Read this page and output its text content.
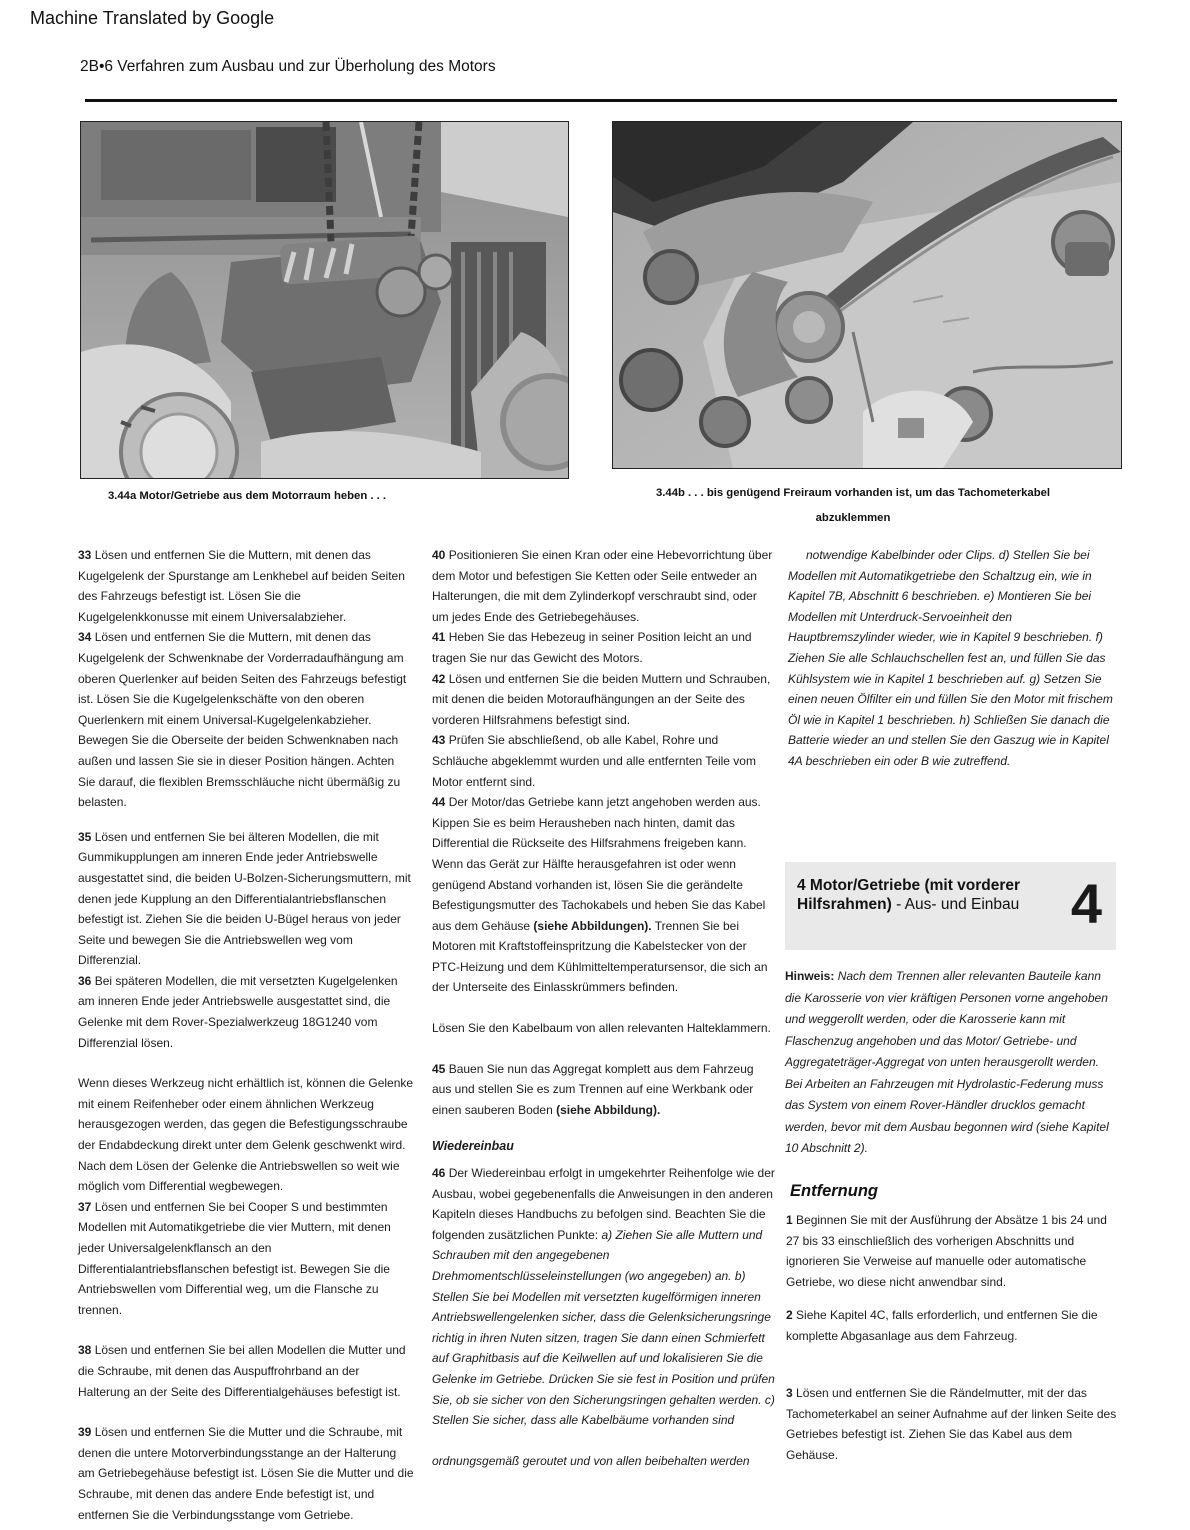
Machine Translated by Google
2B•6 Verfahren zum Ausbau und zur Überholung des Motors
3.44a Motor/Getriebe aus dem Motorraum heben . . .	3.44b . . . bis genügend Freiraum vorhanden ist, um das Tachometerkabel
abzuklemmen

33 Lösen und entfernen Sie die Muttern, mit denen das Kugelgelenk der Spurstange am Lenkhebel auf beiden Seiten des Fahrzeugs befestigt ist. Lösen Sie die Kugelgelenkkonusse mit einem Universalabzieher.

34 Lösen und entfernen Sie die Muttern, mit denen das Kugelgelenk der Schwenknabe der Vorderradaufhängung am oberen Querlenker auf beiden Seiten des Fahrzeugs befestigt ist. Lösen Sie die Kugelgelenkschäfte von den oberen Querlenkern mit einem Universal-Kugelgelenkabzieher. Bewegen Sie die Oberseite der beiden Schwenknaben nach außen und lassen Sie sie in dieser Position hängen. Achten Sie darauf, die flexiblen Bremsschläuche nicht übermäßig zu belasten.

35 Lösen und entfernen Sie bei älteren Modellen, die mit Gummikupplungen am inneren Ende jeder Antriebswelle ausgestattet sind, die beiden U-Bolzen-Sicherungsmuttern, mit denen jede Kupplung an den Differentialantriebsflanschen befestigt ist. Ziehen Sie die beiden U-Bügel heraus von jeder Seite und bewegen Sie die Antriebswellen weg vom Differenzial.

36 Bei späteren Modellen, die mit versetzten Kugelgelenken am inneren Ende jeder Antriebswelle ausgestattet sind, die Gelenke mit dem Rover-Spezialwerkzeug 18G1240 vom Differenzial lösen.

Wenn dieses Werkzeug nicht erhältlich ist, können die Gelenke mit einem Reifenheber oder einem ähnlichen Werkzeug herausgezogen werden, das gegen die Befestigungsschraube der Endabdeckung direkt unter dem Gelenk geschwenkt wird. Nach dem Lösen der Gelenke die Antriebswellen so weit wie möglich vom Differential wegbewegen.

37 Lösen und entfernen Sie bei Cooper S und bestimmten Modellen mit Automatikgetriebe die vier Muttern, mit denen jeder Universalgelenkflansch an den Differentialantriebsflanschen befestigt ist. Bewegen Sie die Antriebswellen vom Differential weg, um die Flansche zu trennen.

38 Lösen und entfernen Sie bei allen Modellen die Mutter und die Schraube, mit denen das Auspuffrohrband an der Halterung an der Seite des Differentialgehäuses befestigt ist.

39 Lösen und entfernen Sie die Mutter und die Schraube, mit denen die untere Motorverbindungsstange an der Halterung am Getriebegehäuse befestigt ist. Lösen Sie die Mutter und die Schraube, mit denen das andere Ende befestigt ist, und entfernen Sie die Verbindungsstange vom Getriebe.

40 Positionieren Sie einen Kran oder eine Hebevorrichtung über dem Motor und befestigen Sie Ketten oder Seile entweder an Halterungen, die mit dem Zylinderkopf verschraubt sind, oder um jedes Ende des Getriebegehäuses.

41 Heben Sie das Hebezeug in seiner Position leicht an und tragen Sie nur das Gewicht des Motors.

42 Lösen und entfernen Sie die beiden Muttern und Schrauben, mit denen die beiden Motoraufhängungen an der Seite des vorderen Hilfsrahmens befestigt sind.

43 Prüfen Sie abschließend, ob alle Kabel, Rohre und Schläuche abgeklemmt wurden und alle entfernten Teile vom Motor entfernt sind.

44 Der Motor/das Getriebe kann jetzt angehoben werden aus. Kippen Sie es beim Herausheben nach hinten, damit das Differential die Rückseite des Hilfsrahmens freigeben kann. Wenn das Gerät zur Hälfte herausgefahren ist oder wenn genügend Abstand vorhanden ist, lösen Sie die gerändelte Befestigungsmutter des Tachokabels und heben Sie das Kabel aus dem Gehäuse (siehe Abbildungen). Trennen Sie bei Motoren mit Kraftstoffeinspritzung die Kabelstecker von der PTC-Heizung und dem Kühlmitteltemperatursensor, die sich an der Unterseite des Einlasskrümmers befinden.

Lösen Sie den Kabelbaum von allen relevanten Halteklammern.

45 Bauen Sie nun das Aggregat komplett aus dem Fahrzeug aus und stellen Sie es zum Trennen auf eine Werkbank oder einen sauberen Boden (siehe Abbildung).

Wiedereinbau

46 Der Wiedereinbau erfolgt in umgekehrter Reihenfolge wie der Ausbau, wobei gegebenenfalls die Anweisungen in den anderen Kapiteln dieses Handbuchs zu befolgen sind. Beachten Sie die folgenden zusätzlichen Punkte: a) Ziehen Sie alle Muttern und Schrauben mit den angegebenen Drehmomentschlüsseleinstellungen (wo angegeben) an. b) Stellen Sie bei Modellen mit versetzten kugelförmigen inneren Antriebswellengelenken sicher, dass die Gelenksicherungsringe richtig in ihren Nuten sitzen, tragen Sie dann einen Schmierfett auf Graphitbasis auf die Keilwellen auf und lokalisieren Sie die Gelenke im Getriebe. Drücken Sie sie fest in Position und prüfen Sie, ob sie sicher von den Sicherungsringen gehalten werden. c) Stellen Sie sicher, dass alle Kabelbäume vorhanden sind

ordnungsgemäß geroutet und von allen beibehalten werden

notwendige Kabelbinder oder Clips. d) Stellen Sie bei Modellen mit Automatikgetriebe den Schaltzug ein, wie in Kapitel 7B, Abschnitt 6 beschrieben. e) Montieren Sie bei Modellen mit Unterdruck-Servoeinheit den Hauptbremszylinder wieder, wie in Kapitel 9 beschrieben. f) Ziehen Sie alle Schlauchschellen fest an, und füllen Sie das Kühlsystem wie in Kapitel 1 beschrieben auf. g) Setzen Sie einen neuen Ölfilter ein und füllen Sie den Motor mit frischem Öl wie in Kapitel 1 beschrieben. h) Schließen Sie danach die Batterie wieder an und stellen Sie den Gaszug wie in Kapitel 4A beschrieben ein oder B wie zutreffend.

4 Motor/Getriebe (mit vorderer Hilfsrahmen) - Aus- und Einbau 4
Hinweis: Nach dem Trennen aller relevanten Bauteile kann die Karosserie von vier kräftigen Personen vorne angehoben und weggerollt werden, oder die Karosserie kann mit Flaschenzug angehoben und das Motor/ Getriebe- und Aggregateträger-Aggregat von unten herausgerollt werden. Bei Arbeiten an Fahrzeugen mit Hydrolastic-Federung muss das System von einem Rover-Händler drucklos gemacht werden, bevor mit dem Ausbau begonnen wird (siehe Kapitel 10 Abschnitt 2).
Entfernung
1 Beginnen Sie mit der Ausführung der Absätze 1 bis 24 und 27 bis 33 einschließlich des vorherigen Abschnitts und ignorieren Sie Verweise auf manuelle oder automatische Getriebe, wo diese nicht anwendbar sind.
2 Siehe Kapitel 4C, falls erforderlich, und entfernen Sie die komplette Abgasanlage aus dem Fahrzeug.
3 Lösen und entfernen Sie die Rändelmutter, mit der das Tachometerkabel an seiner Aufnahme auf der linken Seite des Getriebes befestigt ist. Ziehen Sie das Kabel aus dem Gehäuse.
